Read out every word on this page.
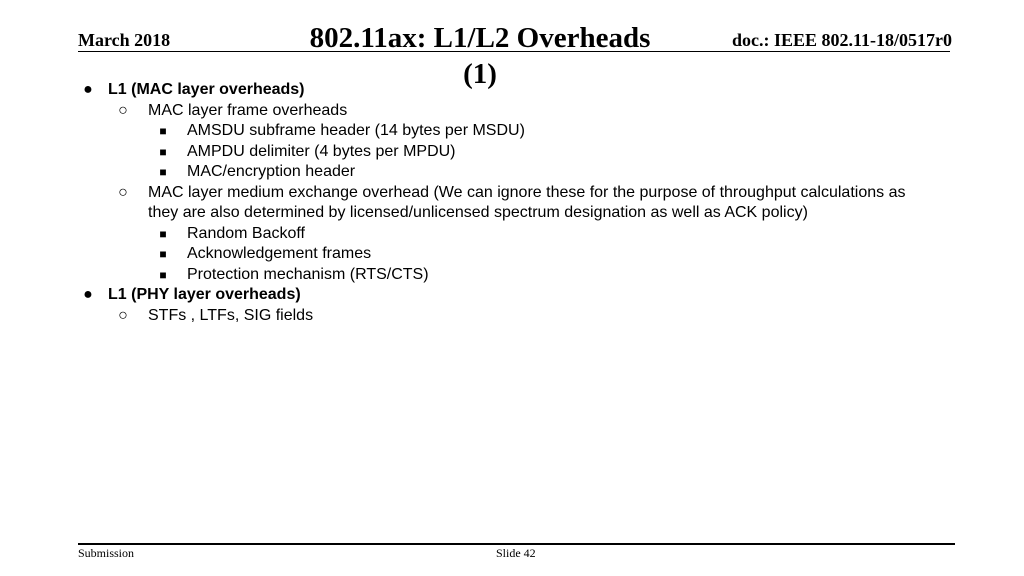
March 2018	802.11ax: L1/L2 Overheads (1)
doc.: IEEE 802.11-18/0517r0
● L1 (MAC layer overheads)
○ MAC layer frame overheads
■ AMSDU subframe header (14 bytes per MSDU)
■ AMPDU delimiter (4 bytes per MPDU)
■ MAC/encryption header
○ MAC layer medium exchange overhead (We can ignore these for the purpose of throughput calculations as they are also determined by licensed/unlicensed spectrum designation as well as ACK policy)
■ Random Backoff
■ Acknowledgement frames
■ Protection mechanism (RTS/CTS)
● L1 (PHY layer overheads)
○ STFs , LTFs, SIG fields
Submission	Slide 42
